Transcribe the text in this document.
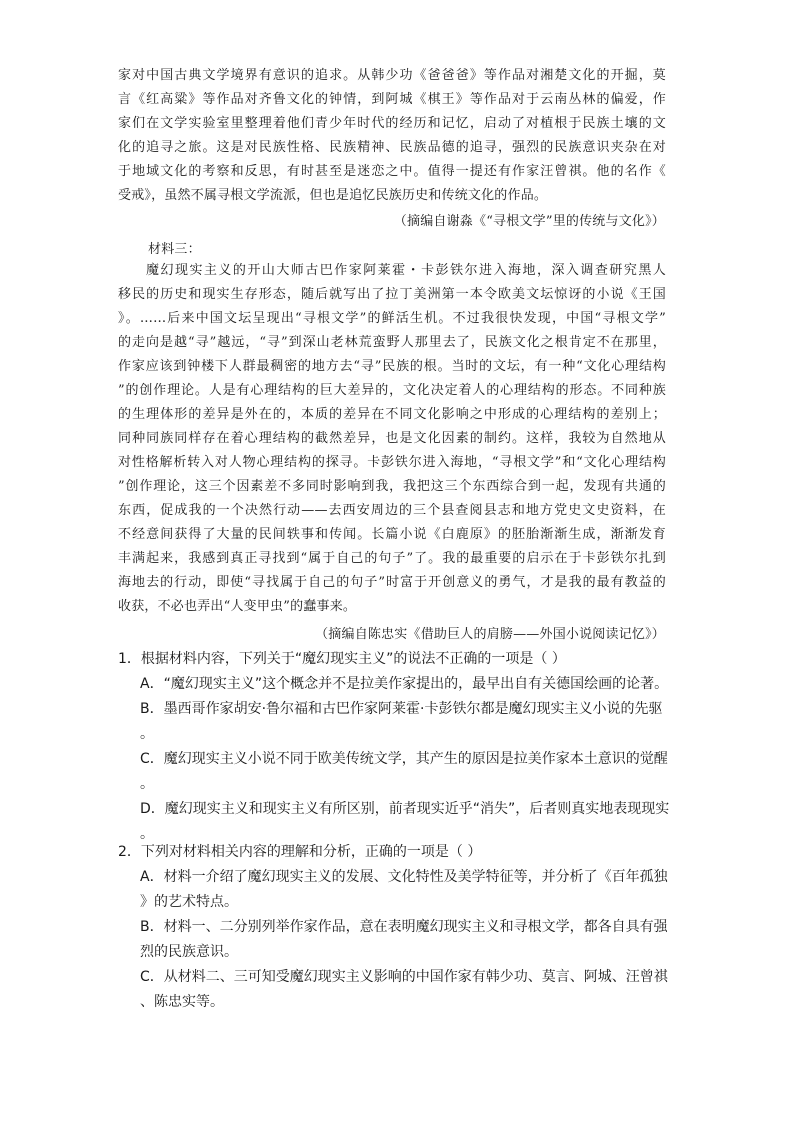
家对中国古典文学境界有意识的追求。从韩少功《爸爸爸》等作品对湘楚文化的开掘，莫
言《红高粱》等作品对齐鲁文化的钟情，到阿城《棋王》等作品对于云南丛林的偏爱，作
家们在文学实验室里整理着他们青少年时代的经历和记忆，启动了对植根于民族土壤的文
化的追寻之旅。这是对民族性格、民族精神、民族品德的追寻，强烈的民族意识夹杂在对
于地域文化的考察和反思，有时甚至是迷恋之中。值得一提还有作家汪曾祺。他的名作《
受戒》，虽然不属寻根文学流派，但也是追忆民族历史和传统文化的作品。
（摘编自谢淼《“寻根文学”里的传统与文化》）
材料三：
魔幻现实主义的开山大师古巴作家阿莱霍・卡彭铁尔进入海地，深入调查研究黑人
移民的历史和现实生存形态，随后就写出了拉丁美洲第一本令欧美文坛惊讶的小说《王国
》。……后来中国文坛呈现出“寻根文学”的鲜活生机。不过我很快发现，中国“寻根文学”
的走向是越“寻”越远，“寻”到深山老林荒蛮野人那里去了，民族文化之根肯定不在那里，
作家应该到钟楼下人群最稠密的地方去“寻”民族的根。当时的文坛，有一种“文化心理结构
”的创作理论。人是有心理结构的巨大差异的，文化决定着人的心理结构的形态。不同种族
的生理体形的差异是外在的，本质的差异在不同文化影响之中形成的心理结构的差别上；
同种同族同样存在着心理结构的截然差异，也是文化因素的制约。这样，我较为自然地从
对性格解析转入对人物心理结构的探寻。卡彭铁尔进入海地，“寻根文学”和“文化心理结构
”创作理论，这三个因素差不多同时影响到我，我把这三个东西综合到一起，发现有共通的
东西，促成我的一个决然行动——去西安周边的三个县查阅县志和地方党史文史资料，在
不经意间获得了大量的民间轶事和传闻。长篇小说《白鹿原》的胚胎渐渐生成，渐渐发育
丰满起来，我感到真正寻找到“属于自己的句子”了。我的最重要的启示在于卡彭铁尔扎到
海地去的行动，即使“寻找属于自己的句子”时富于开创意义的勇气，才是我的最有教益的
收获，不必也弄出“人变甲虫”的蠢事来。
（摘编自陈忠实《借助巨人的肩膀——外国小说阅读记忆》）
1．根据材料内容，下列关于“魔幻现实主义”的说法不正确的一项是（ ）
A．“魔幻现实主义”这个概念并不是拉美作家提出的，最早出自有关德国绘画的论著。
B．墨西哥作家胡安·鲁尔福和古巴作家阿莱霍·卡彭铁尔都是魔幻现实主义小说的先驱
。
C．魔幻现实主义小说不同于欧美传统文学，其产生的原因是拉美作家本土意识的觉醒
。
D．魔幻现实主义和现实主义有所区别，前者现实近乎“消失”，后者则真实地表现现实
。
2．下列对材料相关内容的理解和分析，正确的一项是（ ）
A．材料一介绍了魔幻现实主义的发展、文化特性及美学特征等，并分析了《百年孤独
》的艺术特点。
B．材料一、二分别列举作家作品，意在表明魔幻现实主义和寻根文学，都各自具有强
烈的民族意识。
C．从材料二、三可知受魔幻现实主义影响的中国作家有韩少功、莫言、阿城、汪曾祺
、陈忠实等。
